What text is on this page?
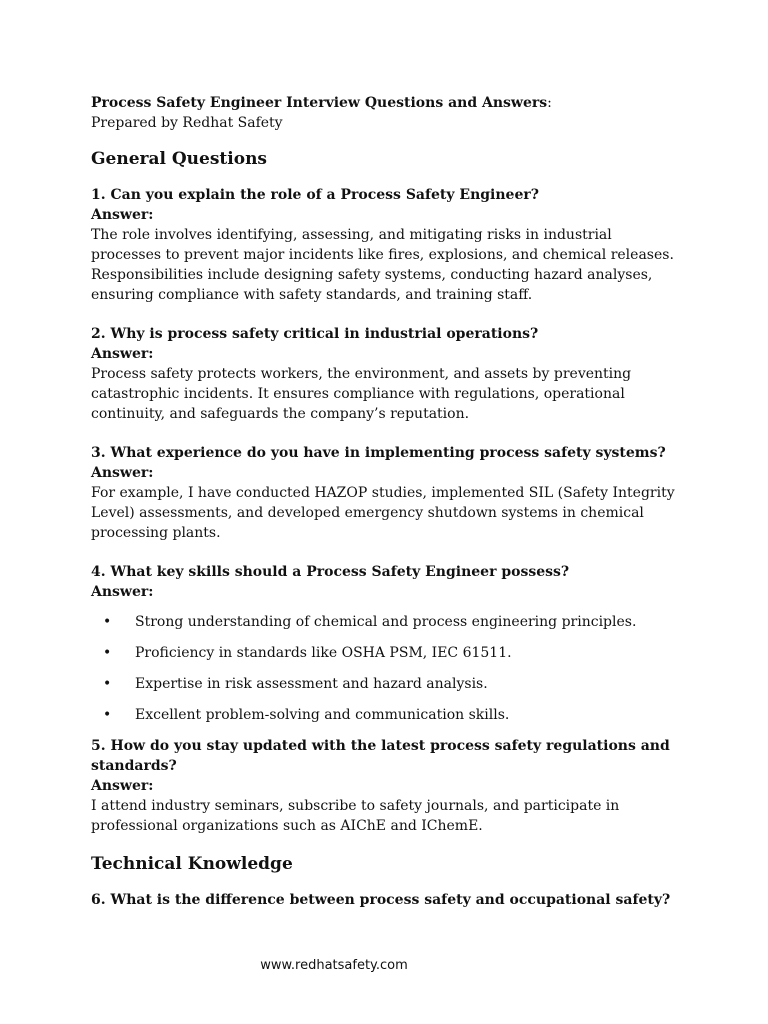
Process Safety Engineer Interview Questions and Answers:

Prepared by Redhat Safety

General Questions

1. Can you explain the role of a Process Safety Engineer?

Answer:

The role involves identifying, assessing, and mitigating risks in industrial processes to prevent major incidents like fires, explosions, and chemical releases. Responsibilities include designing safety systems, conducting hazard analyses, ensuring compliance with safety standards, and training staff.

2. Why is process safety critical in industrial operations?

Answer:

Process safety protects workers, the environment, and assets by preventing catastrophic incidents. It ensures compliance with regulations, operational continuity, and safeguards the company’s reputation.

3. What experience do you have in implementing process safety systems?

Answer:

For example, I have conducted HAZOP studies, implemented SIL (Safety Integrity Level) assessments, and developed emergency shutdown systems in chemical processing plants.

4. What key skills should a Process Safety Engineer possess?

Answer:

• Strong understanding of chemical and process engineering principles.
• Proficiency in standards like OSHA PSM, IEC 61511.
• Expertise in risk assessment and hazard analysis.
• Excellent problem-solving and communication skills.

5. How do you stay updated with the latest process safety regulations and standards?

Answer:

I attend industry seminars, subscribe to safety journals, and participate in professional organizations such as AIChE and IChemE.

Technical Knowledge

6. What is the difference between process safety and occupational safety?

www.redhatsafety.com
